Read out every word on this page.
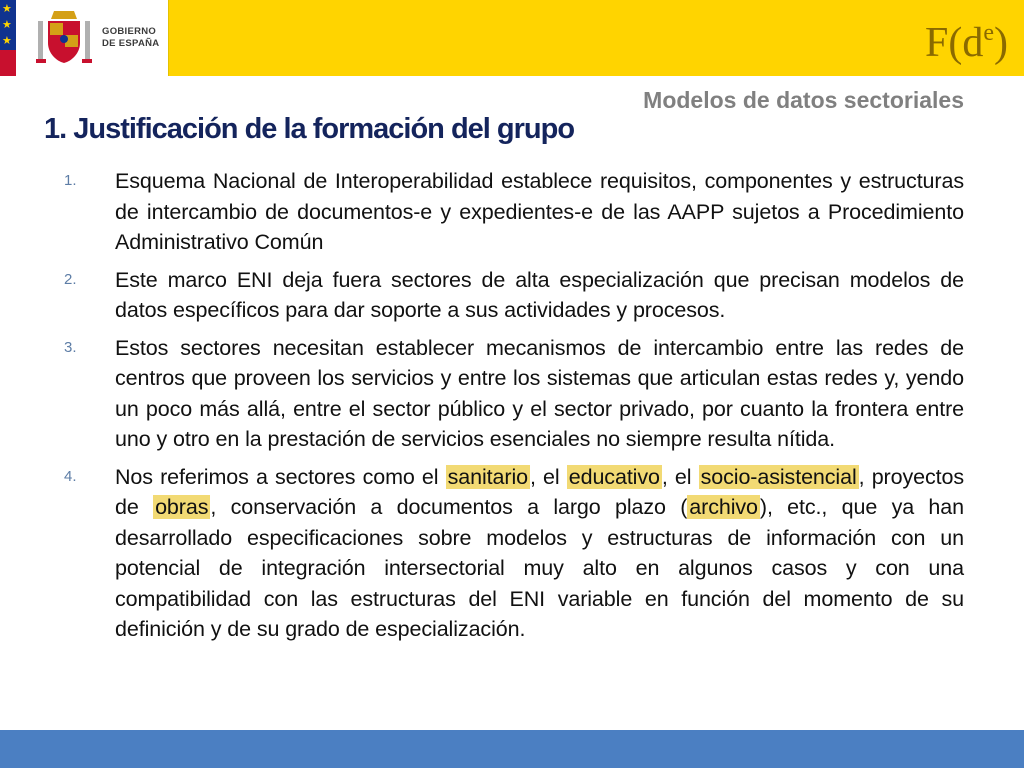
★
★
★
GOBIERNO
DE ESPAÑA	$F(d^e)$
Modelos de datos sectoriales
1. Justificación de la formación del grupo
1. Esquema Nacional de Interoperabilidad establece requisitos, componentes y estructuras de intercambio de documentos-e y expedientes-e de las AAPP sujetos a Procedimiento Administrativo Común
2. Este marco ENI deja fuera sectores de alta especialización que precisan modelos de datos específicos para dar soporte a sus actividades y procesos.
3. Estos sectores necesitan establecer mecanismos de intercambio entre las redes de centros que proveen los servicios y entre los sistemas que articulan estas redes y, yendo un poco más allá, entre el sector público y el sector privado, por cuanto la frontera entre uno y otro en la prestación de servicios esenciales no siempre resulta nítida.
4. Nos referimos a sectores como el sanitario, el educativo, el socio-asistencial, proyectos de obras, conservación a documentos a largo plazo (archivo), etc., que ya han desarrollado especificaciones sobre modelos y estructuras de información con un potencial de integración intersectorial muy alto en algunos casos y con una compatibilidad con las estructuras del ENI variable en función del momento de su definición y de su grado de especialización.
